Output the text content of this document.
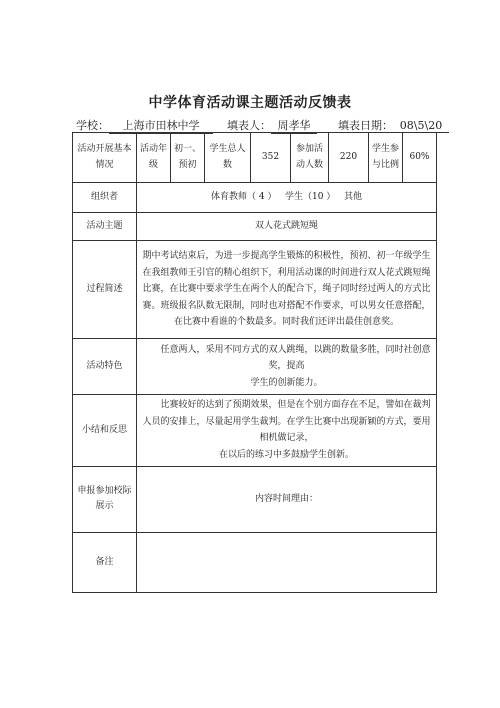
中学体育活动课主题活动反馈表
学校： 上海市田林中学	填表人： 周孝华 填表日期： 08\5\20
活动开展基本情况	活动年级	初一、预初	学生总人数	352	参加活动人数	220	学生参与比例	60%
组织者	体育教师（ 4 ）   学生（10 ）   其他							
活动主题	双人花式跳短绳							
过程简述	期中考试结束后，为进一步提高学生锻炼的积极性，预初、初一年级学生在我组教师王引官的精心组织下，利用活动课的时间进行双人花式跳短绳比赛，在比赛中要求学生在两个人的配合下，绳子同时经过两人的方式比赛。班级报名队数无限制，同时也对搭配不作要求，可以男女任意搭配，在比赛中看谁的个数最多。同时我们还评出最佳创意奖。							
活动特色	任意两人，采用不同方式的双人跳绳，以跳的数量多胜，同时社创意奖，提高

学生的创新能力。							

小结和反思	比赛较好的达到了预期效果，但是在个别方面存在不足，譬如在裁判人员的安排上，尽量起用学生裁判。在学生比赛中出现新颖的方式，要用相机做记录，

在以后的练习中多鼓励学生创新。							

申报参加校际展示	内容时间理由：							
备注								
